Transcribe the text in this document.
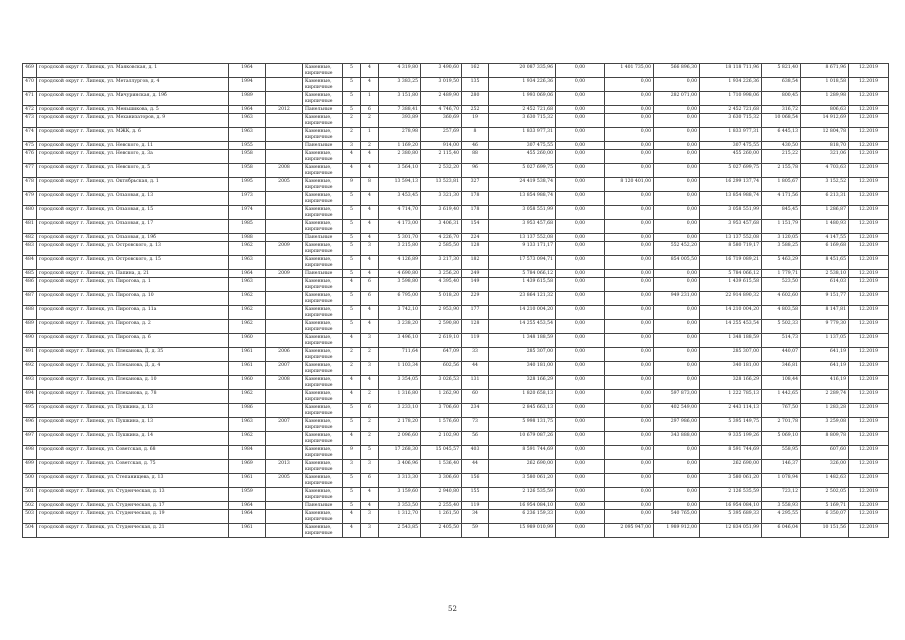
469	городской округ г. Липецк, ул. Маяковская, д. 1	1964		Каменные, кирпичные	5	4	4 319,80	3 490,60	162	20 087 335,96	0,00	1 401 735,00	566 896,30	18 118 711,96	5 821,40	8 671,96	12.2019
470	городской округ г. Липецк, ул. Металлургов, д. 4	1994		Каменные, кирпичные	5	4	3 383,25	3 019,50	135	1 934 226,36	0,00	0,00	0,00	1 934 226,36	638,54	1 018,58	12.2019
471	городской округ г. Липецк, ул. Мичуринская, д. 19б	1989		Каменные, кирпичные	5	1	3 151,80	2 489,90	280	1 993 069,06	0,00	0,00	282 071,00	1 710 998,06	800,45	1 289,98	12.2019
472	городской округ г. Липецк, ул. Меньшикова, д. 5	1964	2012	Панельные	5	6	7 388,41	4 746,70	252	2 452 721,68	0,00	0,00	0,00	2 452 721,68	316,72	806,63	12.2019
473	городской округ г. Липецк, ул. Механизаторов, д. 9	1963		Каменные, кирпичные	2	2	393,89	360,69	19	3 630 715,32	0,00	0,00	0,00	3 630 715,32	10 068,54	14 912,69	12.2019
474	городской округ г. Липецк, ул. МЖК, д. 6	1963		Каменные, кирпичные	2	1	278,98	257,69	8	1 833 977,31	0,00	0,00	0,00	1 833 977,31	6 445,13	12 804,78	12.2019
475	городской округ г. Липецк, ул. Невского, д. 11	1955		Панельные	3	2	1 169,20	914,00	46	307 475,55	0,00	0,00	0,00	307 475,55	430,50	818,70	12.2019
476	городской округ г. Липецк, ул. Невского, д. 3а	1958		Каменные, кирпичные	4	4	2 380,80	2 115,40	88	455 260,00	0,00	0,00	0,00	455 260,00	215,22	321,06	12.2019
477	городской округ г. Липецк, ул. Невского, д. 5	1958	2008	Каменные, кирпичные	4	4	3 564,10	2 532,20	96	5 027 699,75	0,00	0,00	0,00	5 027 699,75	2 155,78	4 703,63	12.2019
478	городской округ г. Липецк, ул. Октябрьская, д. 1	1995	2005	Каменные, кирпичные	9	8	13 594,13	13 523,81	327	24 419 538,74	0,00	8 120 401,00	0,00	16 299 137,74	1 805,67	3 152,52	12.2019
479	городской округ г. Липецк, ул. Ольховая, д. 13	1973		Каменные, кирпичные	5	4	3 453,45	3 321,30	178	13 854 988,74	0,00	0,00	0,00	13 854 988,74	4 171,56	6 213,31	12.2019
480	городской округ г. Липецк, ул. Ольховая, д. 15	1974		Каменные, кирпичные	5	4	4 714,70	3 619,40	178	3 058 551,99	0,00	0,00	0,00	3 058 551,99	845,45	1 286,87	12.2019
481	городской округ г. Липецк, ул. Ольховая, д. 17	1985		Каменные, кирпичные	5	4	4 173,00	3 406,31	154	3 953 457,68	0,00	0,00	0,00	3 953 457,68	1 151,79	1 480,93	12.2019
482	городской округ г. Липецк, ул. Ольховая, д. 19б	1988		Панельные	5	4	5 301,70	4 226,70	224	13 137 552,08	0,00	0,00	0,00	13 137 552,08	3 120,05	4 147,55	12.2019
483	городской округ г. Липецк, ул. Островского, д. 13	1962	2009	Каменные, кирпичные	5	3	3 215,80	2 585,50	128	9 133 171,17	0,00	0,00	552 452,20	8 580 719,17	3 588,25	6 169,68	12.2019
484	городской округ г. Липецк, ул. Островского, д. 15	1963		Каменные, кирпичные	5	4	4 126,89	3 217,30	182	17 573 094,71	0,00	0,00	854 005,50	16 719 089,21	5 463,29	8 451,65	12.2019
485	городской округ г. Липецк, ул. Папина, д. 21	1964	2009	Панельные	5	4	4 690,80	3 256,20	249	5 784 066,12	0,00	0,00	0,00	5 784 066,12	1 779,71	2 538,10	12.2019
486	городской округ г. Липецк, ул. Пирогова, д. 1	1963		Каменные, кирпичные	4	6	3 598,80	4 395,40	149	1 439 615,58	0,00	0,00	0,00	1 439 615,58	523,50	614,03	12.2019
487	городской округ г. Липецк, ул. Пирогова, д. 10	1962		Каменные, кирпичные	5	6	6 795,00	5 018,20	229	23 864 121,32	0,00	0,00	949 231,00	22 914 890,32	4 602,60	9 151,77	12.2019
488	городской округ г. Липецк, ул. Пирогова, д. 11а	1962		Каменные, кирпичные	5	4	3 742,10	2 953,90	177	14 210 004,20	0,00	0,00	0,00	14 210 004,20	4 803,58	8 147,81	12.2019
489	городской округ г. Липецк, ул. Пирогова, д. 2	1962		Каменные, кирпичные	5	4	3 238,20	2 590,80	128	14 255 453,54	0,00	0,00	0,00	14 255 453,54	5 502,33	9 779,30	12.2019
490	городской округ г. Липецк, ул. Пирогова, д. 6	1960		Каменные, кирпичные	4	3	3 496,10	2 619,10	119	1 348 188,59	0,00	0,00	0,00	1 348 188,59	514,73	1 137,05	12.2019
491	городской округ г. Липецк, ул. Плеханова, Д. д. 35	1961	2006	Каменные, кирпичные	2	2	711,64	647,09	33	285 307,00	0,00	0,00	0,00	285 307,00	440,07	641,19	12.2019
492	городской округ г. Липецк, ул. Плеханова, Д. д. 4	1961	2007	Каменные, кирпичные	2	3	1 103,34	602,56	44	340 181,00	0,00	0,00	0,00	340 181,00	346,81	641,19	12.2019
493	городской округ г. Липецк, ул. Плеханова, д. 10	1960	2008	Каменные, кирпичные	4	4	3 354,05	3 026,53	131	328 166,29	0,00	0,00	0,00	328 166,29	108,44	416,19	12.2019
494	городской округ г. Липецк, ул. Плеханова, д. 78	1962		Каменные, кирпичные	4	2	1 316,80	1 262,90	60	1 820 658,13	0,00	0,00	597 873,00	1 222 785,13	1 442,65	2 289,74	12.2019
495	городской округ г. Липецк, ул. Пушкина, д. 13	1986		Каменные, кирпичные	5	6	3 233,10	3 706,60	234	2 845 663,13	0,00	0,00	402 549,00	2 443 114,13	767,50	1 283,28	12.2019
496	городской округ г. Липецк, ул. Пушкина, д. 13	1963	2007	Каменные, кирпичные	5	2	2 178,20	1 576,60	73	5 998 131,75	0,00	0,00	297 986,00	5 395 149,75	2 701,78	3 259,08	12.2019
497	городской округ г. Липецк, ул. Пушкина, д. 14	1962		Каменные, кирпичные	4	2	2 096,60	2 102,90	56	10 679 087,26	0,00	0,00	343 888,00	9 335 199,26	5 069,10	8 809,78	12.2019
498	городской округ г. Липецк, ул. Советская, д. 68	1984		Каменные, кирпичные	9	5	17 268,30	15 045,57	403	8 591 744,69	0,00	0,00	0,00	8 591 744,69	558,95	607,60	12.2019
499	городской округ г. Липецк, ул. Советская, д. 75	1969	2013	Каменные, кирпичные	3	3	3 406,96	1 536,40	44	262 690,00	0,00	0,00	0,00	262 690,00	146,37	326,00	12.2019
500	городской округ г. Липецк, ул. Степанищева, д. 13	1961	2005	Каменные, кирпичные	5	6	3 313,30	3 306,60	156	3 580 061,20	0,00	0,00	0,00	3 580 061,20	1 078,94	1 482,63	12.2019
501	городской округ г. Липецк, ул. Студенческая, д. 13	1959		Каменные, кирпичные	5	4	3 159,60	2 940,80	155	2 126 535,59	0,00	0,00	0,00	2 126 535,59	723,12	2 502,05	12.2019
502	городской округ г. Липецк, ул. Студенческая, д. 17	1964		Панельные	5	4	3 353,50	2 255,40	119	16 954 084,10	0,00	0,00	0,00	16 954 084,10	3 558,93	5 169,71	12.2019
503	городской округ г. Липецк, ул. Студенческая, д. 19	1964		Каменные, кирпичные	4	3	1 312,70	1 261,50	34	6 236 159,33	0,00	0,00	540 765,00	5 395 689,33	4 295,55	6 350,07	12.2019
504	городской округ г. Липецк, ул. Студенческая, д. 21	1961		Каменные, кирпичные	4	3	2 543,85	2 405,50	59	15 989 010,99	0,00	2 095 947,00	1 989 912,00	12 834 051,99	6 046,04	10 151,56	12.2019
52
